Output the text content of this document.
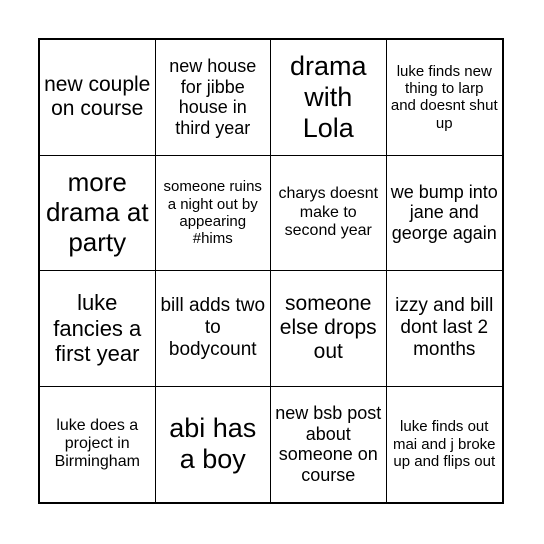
new couple on course
new house for jibbe house in third year
drama with Lola
luke finds new thing to larp and doesnt shut up
more drama at party
someone ruins a night out by appearing #hims
charys doesnt make to second year
we bump into jane and george again
luke fancies a first year
bill adds two to bodycount
someone else drops out
izzy and bill dont last 2 months
luke does a project in Birmingham
abi has a boy
new bsb post about someone on course
luke finds out mai and j broke up and flips out
